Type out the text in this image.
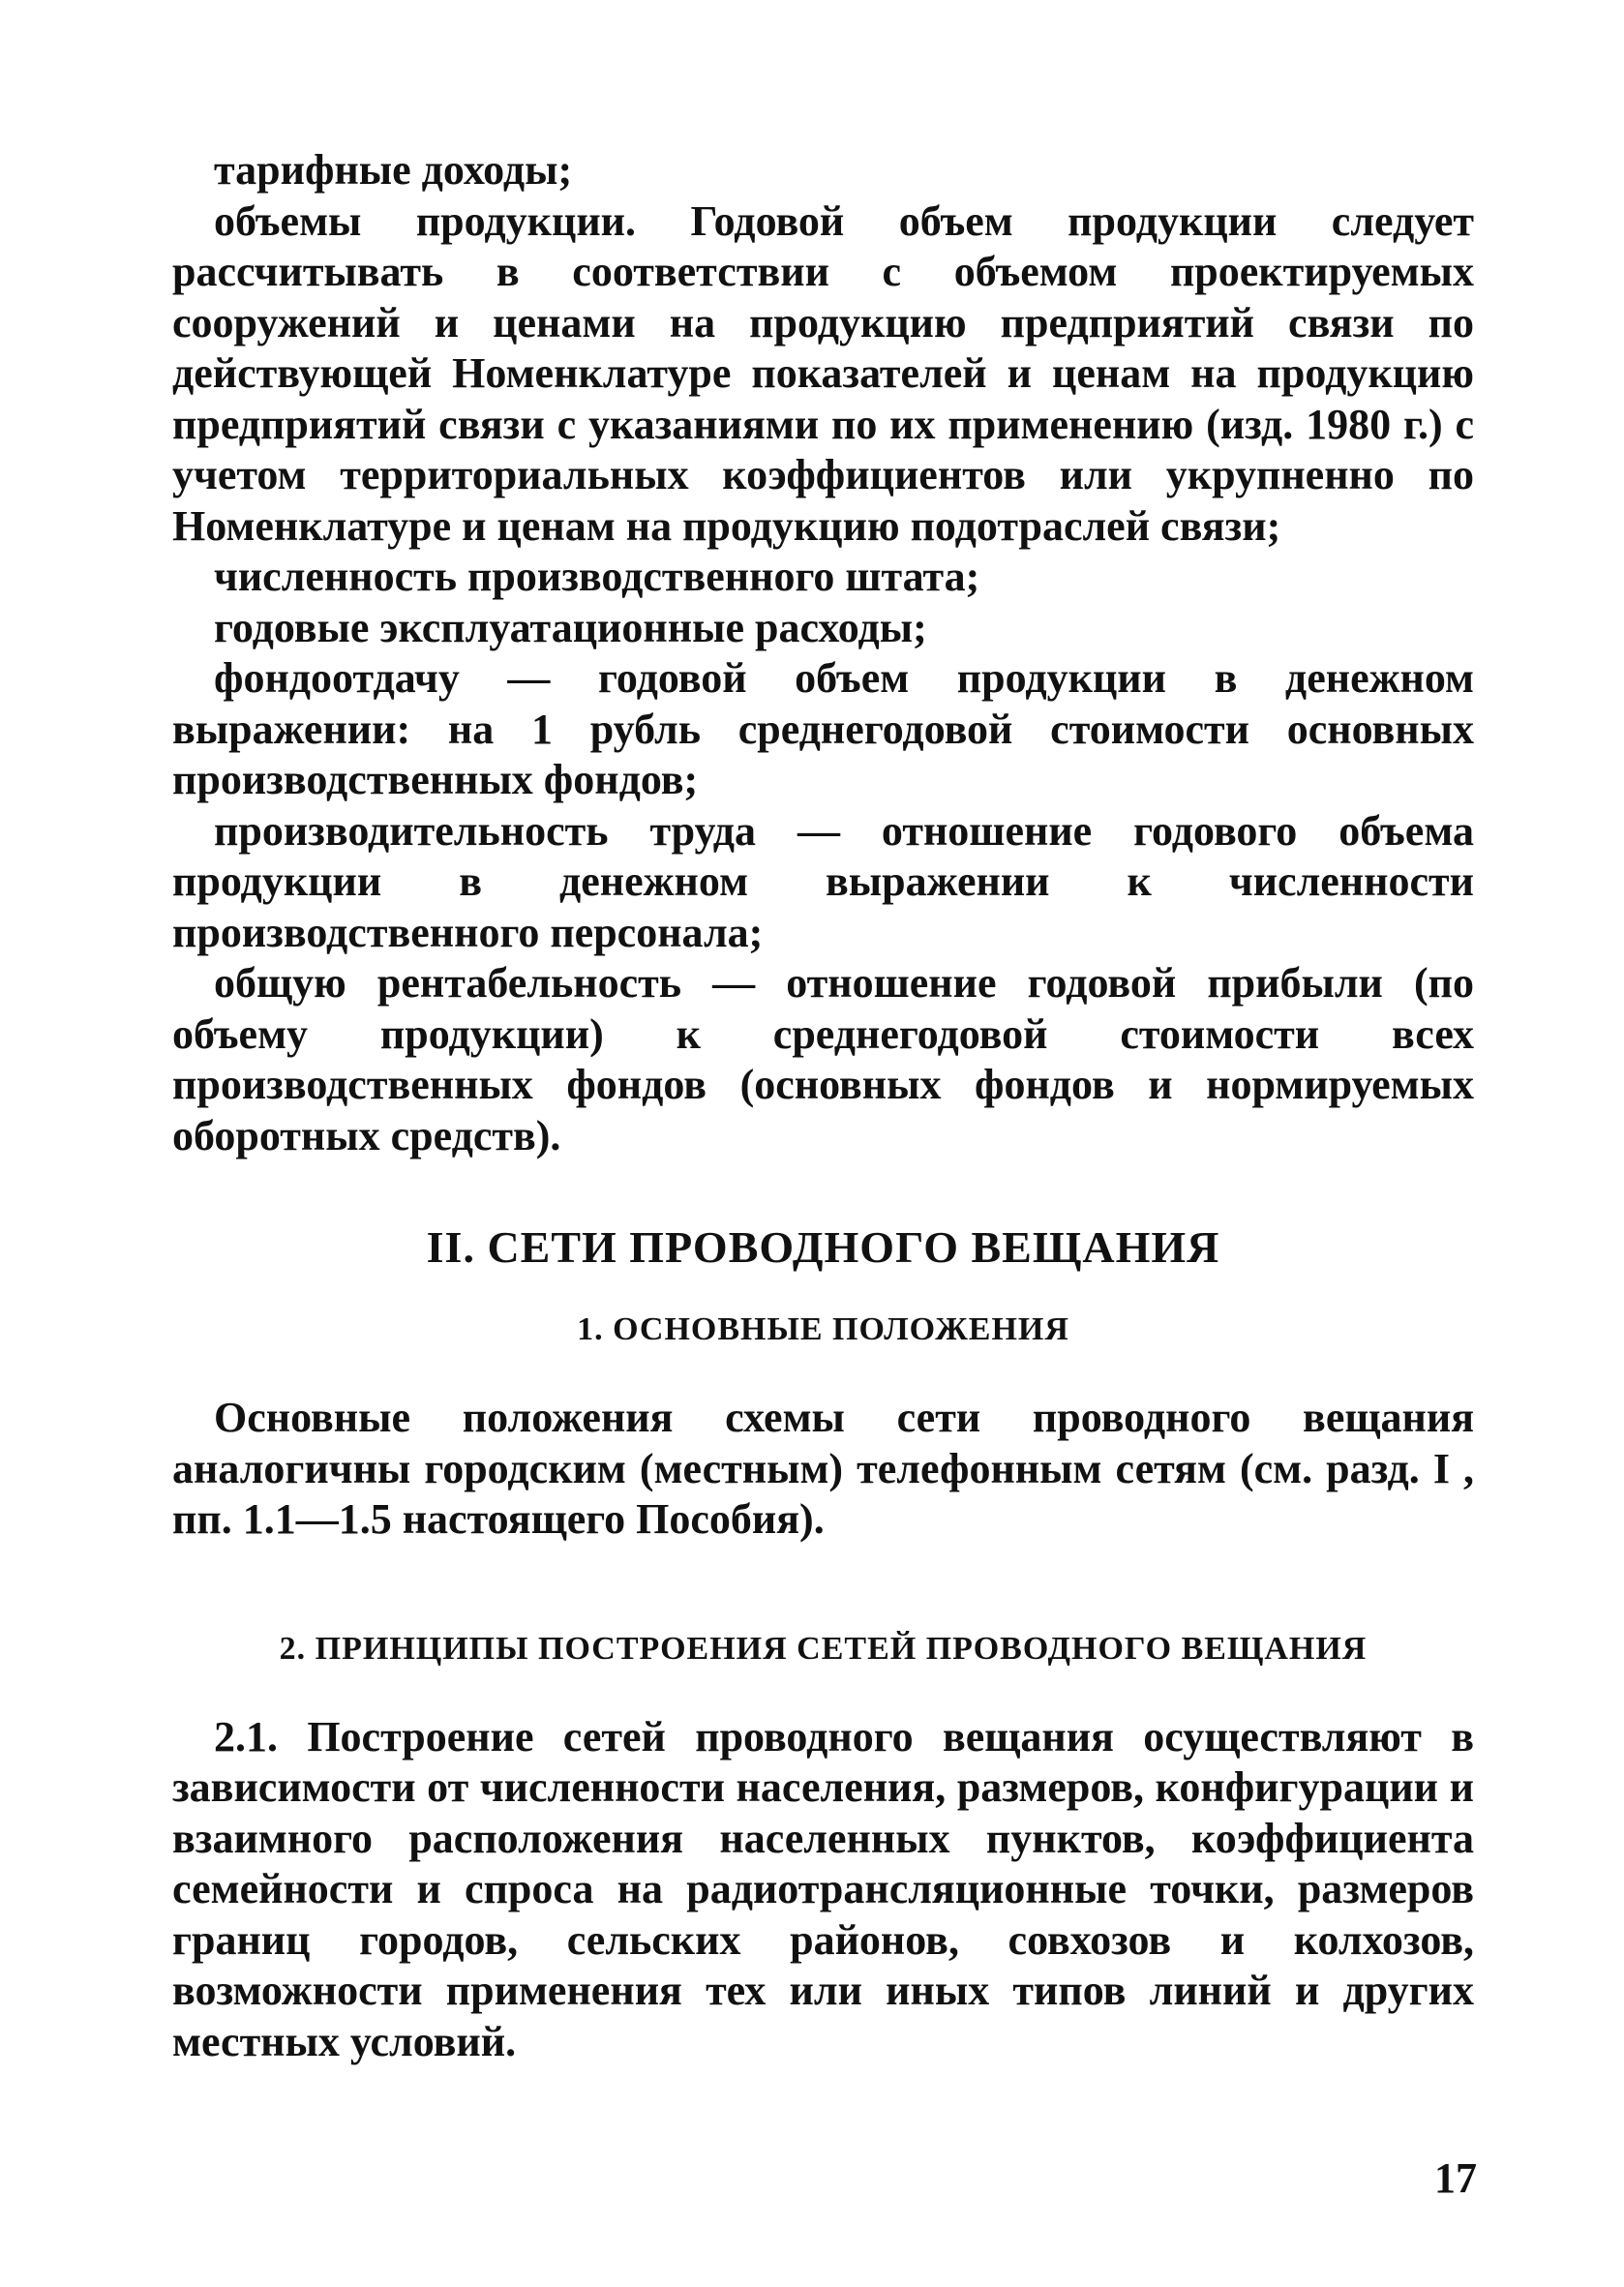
тарифные доходы;

объемы продукции. Годовой объем продукции следует рассчитывать в соответствии с объемом проектируемых сооружений и ценами на продукцию предприятий связи по действующей Номенклатуре показателей и ценам на продукцию предприятий связи с указаниями по их применению (изд. 1980 г.) с учетом территориальных коэффициентов или укрупненно по Номенклатуре и ценам на продукцию подотраслей связи;

численность производственного штата;

годовые эксплуатационные расходы;

фондоотдачу — годовой объем продукции в денежном выражении: на 1 рубль среднегодовой стоимости основных производственных фондов;

производительность труда — отношение годового объема продукции в денежном выражении к численности производственного персонала;

общую рентабельность — отношение годовой прибыли (по объему продукции) к среднегодовой стоимости всех производственных фондов (основных фондов и нормируемых оборотных средств).

II. СЕТИ ПРОВОДНОГО ВЕЩАНИЯ
1. ОСНОВНЫЕ ПОЛОЖЕНИЯ

Основные положения схемы сети проводного вещания аналогичны городским (местным) телефонным сетям (см. разд. I , пп. 1.1—1.5 настоящего Пособия).

2. ПРИНЦИПЫ ПОСТРОЕНИЯ СЕТЕЙ ПРОВОДНОГО ВЕЩАНИЯ

2.1. Построение сетей проводного вещания осуществляют в зависимости от численности населения, размеров, конфигурации и взаимного расположения населенных пунктов, коэффициента семейности и спроса на радиотрансляционные точки, размеров границ городов, сельских районов, совхозов и колхозов, возможности применения тех или иных типов линий и других местных условий.

17
